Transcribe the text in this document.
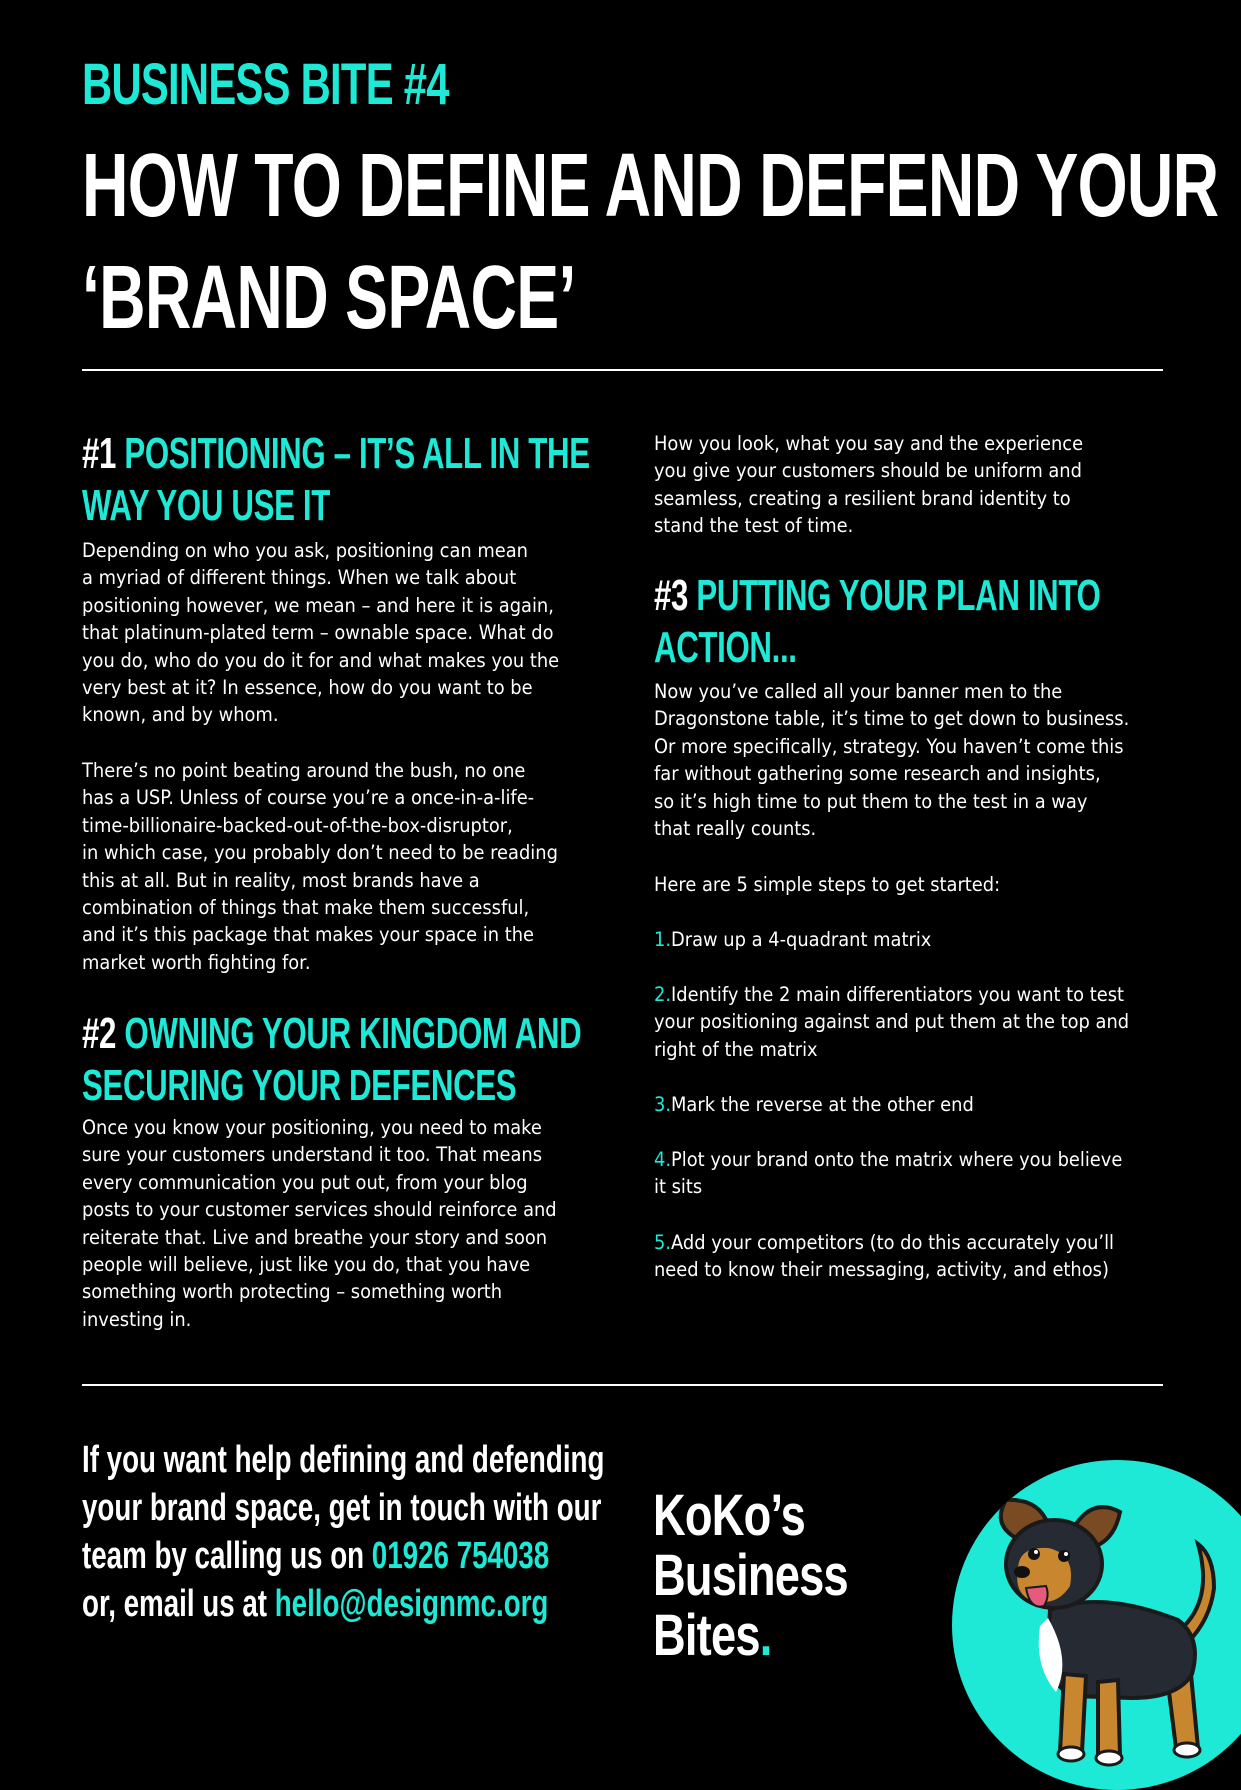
BUSINESS BITE #4
HOW TO DEFINE AND DEFEND YOUR
‘BRAND SPACE’
#1 POSITIONING – IT’S ALL IN THE
WAY YOU USE IT
Depending on who you ask, positioning can mean
a myriad of different things. When we talk about
positioning however, we mean – and here it is again,
that platinum-plated term – ownable space. What do
you do, who do you do it for and what makes you the
very best at it? In essence, how do you want to be
known, and by whom.
There’s no point beating around the bush, no one
has a USP. Unless of course you’re a once-in-a-life-
time-billionaire-backed-out-of-the-box-disruptor,
in which case, you probably don’t need to be reading
this at all. But in reality, most brands have a
combination of things that make them successful,
and it’s this package that makes your space in the
market worth fighting for.
#2 OWNING YOUR KINGDOM AND
SECURING YOUR DEFENCES
Once you know your positioning, you need to make
sure your customers understand it too. That means
every communication you put out, from your blog
posts to your customer services should reinforce and
reiterate that. Live and breathe your story and soon
people will believe, just like you do, that you have
something worth protecting – something worth
investing in.
How you look, what you say and the experience
you give your customers should be uniform and
seamless, creating a resilient brand identity to
stand the test of time.
#3 PUTTING YOUR PLAN INTO
ACTION...
Now you’ve called all your banner men to the
Dragonstone table, it’s time to get down to business.
Or more specifically, strategy. You haven’t come this
far without gathering some research and insights,
so it’s high time to put them to the test in a way
that really counts.
Here are 5 simple steps to get started:
1.Draw up a 4-quadrant matrix
2.Identify the 2 main differentiators you want to test
your positioning against and put them at the top and
right of the matrix
3.Mark the reverse at the other end
4.Plot your brand onto the matrix where you believe
it sits
5.Add your competitors (to do this accurately you’ll
need to know their messaging, activity, and ethos)
If you want help defining and defending
your brand space, get in touch with our
team by calling us on 01926 754038
or, email us at hello@designmc.org
KoKo’s
Business
Bites.
